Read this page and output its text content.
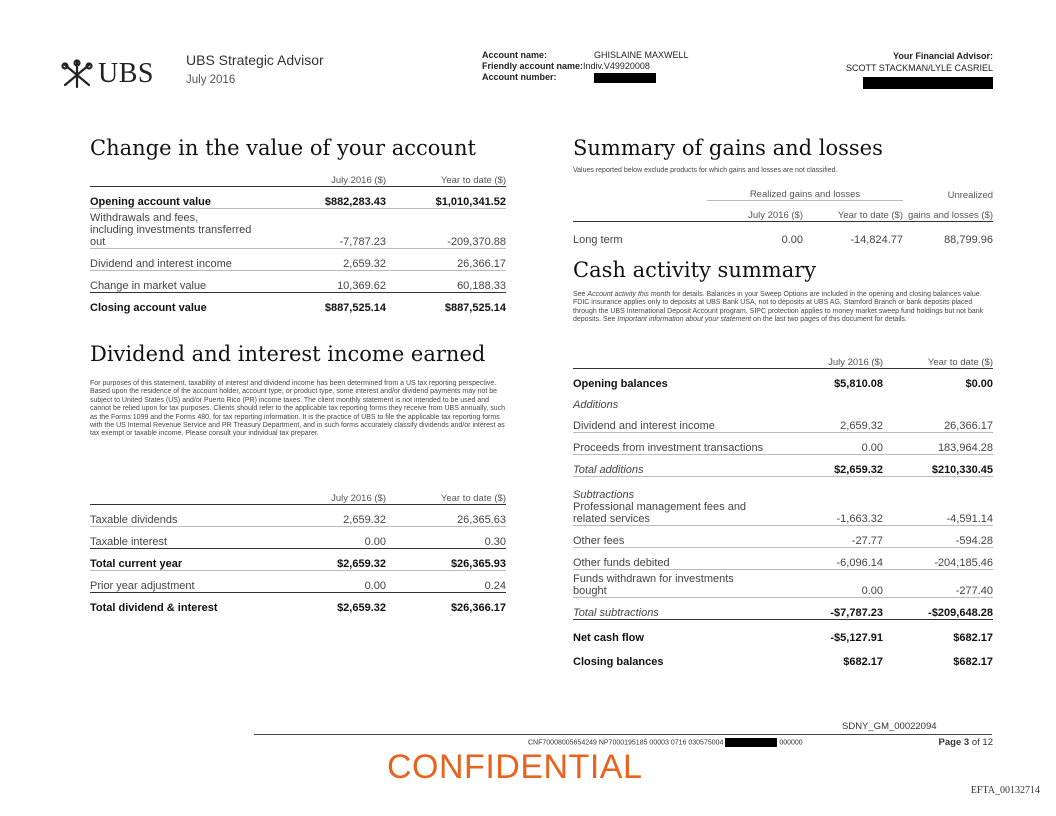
UBS UBS Strategic Advisor
July 2016
Account name:	GHISLAINE MAXWELL
Friendly account name:Indiv.V49920008
Account number:
Your Financial Advisor:
SCOTT STACKMAN/LYLE CASRIEL
Change in the value of your account
	July 2016 ($)	Year to date ($)
Opening account value	$882,283.43	$1,010,341.52

Withdrawals and fees,
including investments transferred
out	-7,787.23	-209,370.88
Dividend and interest income	2,659.32	26,366.17
Change in market value	10,369.62	60,188.33
Closing account value	$887,525.14	$887,525.14
Dividend and interest income earned
For purposes of this statement, taxability of interest and dividend income has been determined from a US tax reporting perspective. Based upon the residence of the account holder, account type, or product type, some interest and/or dividend payments may not be subject to United States (US) and/or Puerto Rico (PR) income taxes. The client monthly statement is not intended to be used and cannot be relied upon for tax purposes. Clients should refer to the applicable tax reporting forms they receive from UBS annually, such as the Forms 1099 and the Forms 480, for tax reporting information. It is the practice of UBS to file the applicable tax reporting forms with the US Internal Revenue Service and PR Treasury Department, and in such forms accurately classify dividends and/or interest as tax exempt or taxable income. Please consult your individual tax preparer.
	July 2016 ($)	Year to date ($)
Taxable dividends	2,659.32	26,365.63
Taxable interest	0.00	0.30
Total current year	$2,659.32	$26,365.93
Prior year adjustment	0.00	0.24
Total dividend & interest	$2,659.32	$26,366.17
Summary of gains and losses
Values reported below exclude products for which gains and losses are not classified.
	Realized gains and losses		Unrealized
	July 2016 ($)	Year to date ($)	gains and losses ($)
Long term	0.00	-14,824.77	88,799.96
Cash activity summary
See Account activity this month for details. Balances in your Sweep Options are included in the opening and closing balances value. FDIC insurance applies only to deposits at UBS Bank USA, not to deposits at UBS AG, Stamford Branch or bank deposits placed through the UBS International Deposit Account program. SIPC protection applies to money market sweep fund holdings but not bank deposits. See Important information about your statement on the last two pages of this document for details.
	July 2016 ($)	Year to date ($)
Opening balances	$5,810.08	$0.00
Additions		
Dividend and interest income	2,659.32	26,366.17
Proceeds from investment transactions	0.00	183,964.28
Total additions	$2,659.32	$210,330.45
Subtractions		

Professional management fees and
related services	-1,663.32	-4,591.14
Other fees	-27.77	-594.28
Other funds debited	-6,096.14	-204,185.46

Funds withdrawn for investments
bought	0.00	-277.40
Total subtractions	-$7,787.23	-$209,648.28
Net cash flow	-$5,127.91	$682.17
Closing balances	$682.17	$682.17
SDNY_GM_00022094
CNF70008005654249 NP7000195185 00003 0716 030575004	000000	Page 3 of 12
CONFIDENTIAL
EFTA_00132714
